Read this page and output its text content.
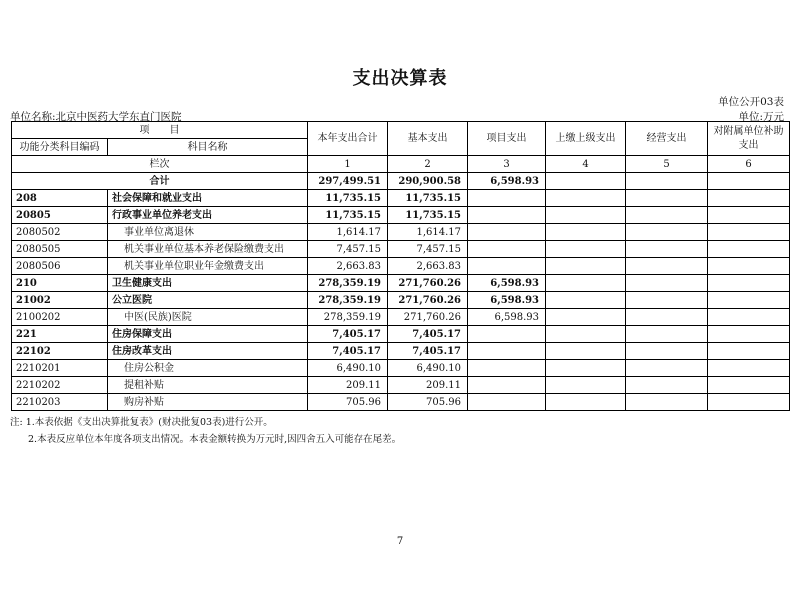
支出决算表
单位公开03表
单位名称:北京中医药大学东直门医院	单位:万元
项　　目		本年支出合计	基本支出	项目支出	上缴上级支出	经营支出	对附属单位补助支出
功能分类科目编码	科目名称						
栏次		1	2	3	4	5	6
合计		297,499.51	290,900.58	6,598.93			
208	社会保障和就业支出	11,735.15	11,735.15				
20805	行政事业单位养老支出	11,735.15	11,735.15				
2080502	事业单位离退休	1,614.17	1,614.17				
2080505	机关事业单位基本养老保险缴费支出	7,457.15	7,457.15				
2080506	机关事业单位职业年金缴费支出	2,663.83	2,663.83				
210	卫生健康支出	278,359.19	271,760.26	6,598.93			
21002	公立医院	278,359.19	271,760.26	6,598.93			
2100202	中医(民族)医院	278,359.19	271,760.26	6,598.93			
221	住房保障支出	7,405.17	7,405.17				
22102	住房改革支出	7,405.17	7,405.17				
2210201	住房公积金	6,490.10	6,490.10				
2210202	提租补贴	209.11	209.11				
2210203	购房补贴	705.96	705.96				
注: 1.本表依据《支出决算批复表》(财决批复03表)进行公开。
2.本表反应单位本年度各项支出情况。本表金额转换为万元时,因四舍五入可能存在尾差。
7
